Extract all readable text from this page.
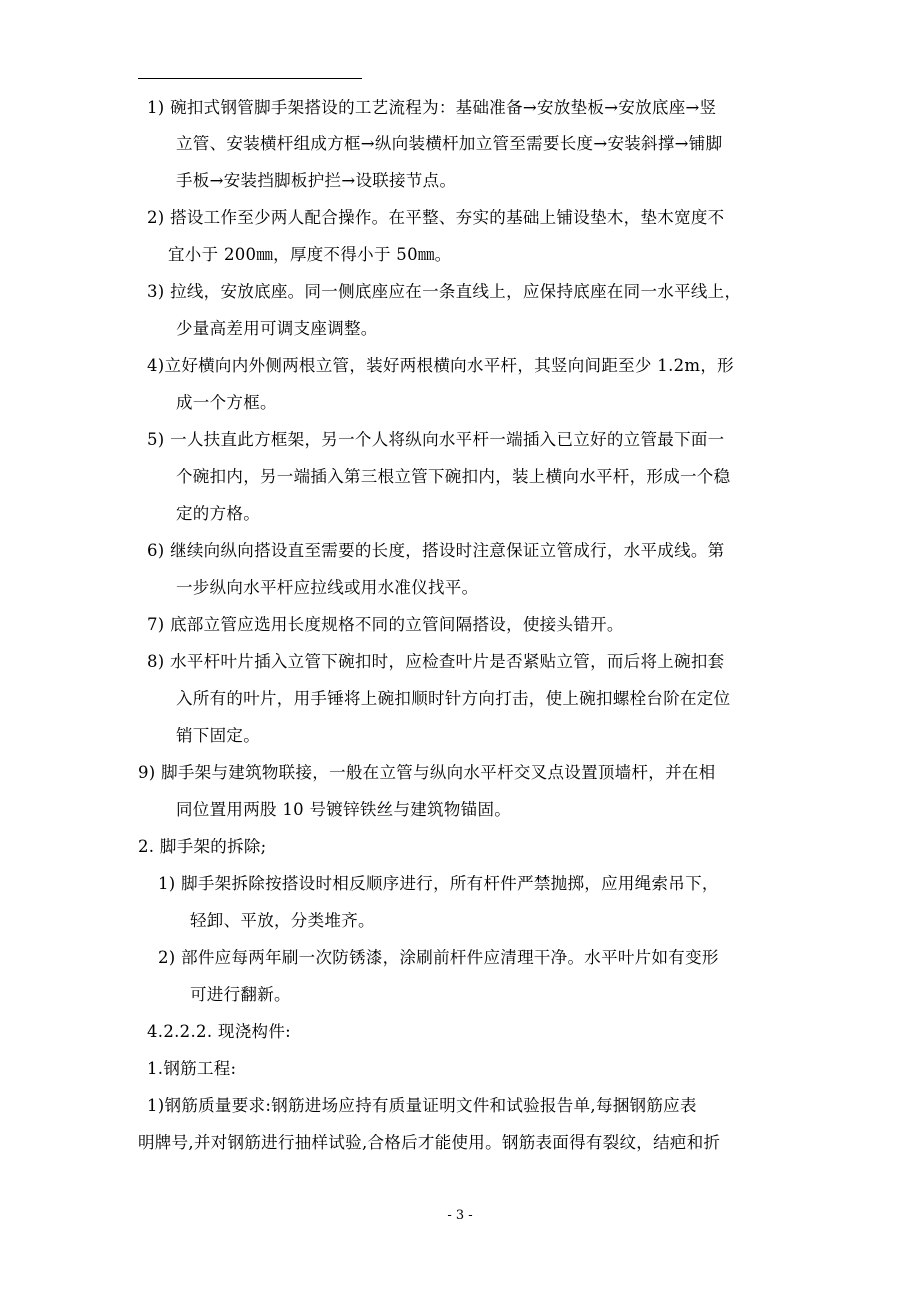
1) 碗扣式钢管脚手架搭设的工艺流程为：基础准备→安放垫板→安放底座→竖
立管、安装横杆组成方框→纵向装横杆加立管至需要长度→安装斜撑→铺脚
手板→安装挡脚板护拦→设联接节点。
2) 搭设工作至少两人配合操作。在平整、夯实的基础上铺设垫木，垫木宽度不
宜小于 200㎜，厚度不得小于 50㎜。
3) 拉线，安放底座。同一侧底座应在一条直线上，应保持底座在同一水平线上，
少量高差用可调支座调整。
4)立好横向内外侧两根立管，装好两根横向水平杆，其竖向间距至少 1.2m，形
成一个方框。
5) 一人扶直此方框架，另一个人将纵向水平杆一端插入已立好的立管最下面一
个碗扣内，另一端插入第三根立管下碗扣内，装上横向水平杆，形成一个稳
定的方格。
6) 继续向纵向搭设直至需要的长度，搭设时注意保证立管成行，水平成线。第
一步纵向水平杆应拉线或用水准仪找平。
7) 底部立管应选用长度规格不同的立管间隔搭设，使接头错开。
8) 水平杆叶片插入立管下碗扣时，应检查叶片是否紧贴立管，而后将上碗扣套
入所有的叶片，用手锤将上碗扣顺时针方向打击，使上碗扣螺栓台阶在定位
销下固定。
9) 脚手架与建筑物联接，一般在立管与纵向水平杆交叉点设置顶墙杆，并在相
同位置用两股 10 号镀锌铁丝与建筑物锚固。
2. 脚手架的拆除;
1) 脚手架拆除按搭设时相反顺序进行，所有杆件严禁抛掷，应用绳索吊下，
轻卸、平放，分类堆齐。
2) 部件应每两年刷一次防锈漆，涂刷前杆件应清理干净。水平叶片如有变形
可进行翻新。
4.2.2.2. 现浇构件:
1.钢筋工程:
1)钢筋质量要求:钢筋进场应持有质量证明文件和试验报告单,每捆钢筋应表
明牌号,并对钢筋进行抽样试验,合格后才能使用。钢筋表面得有裂纹，结疤和折
- 3 -
